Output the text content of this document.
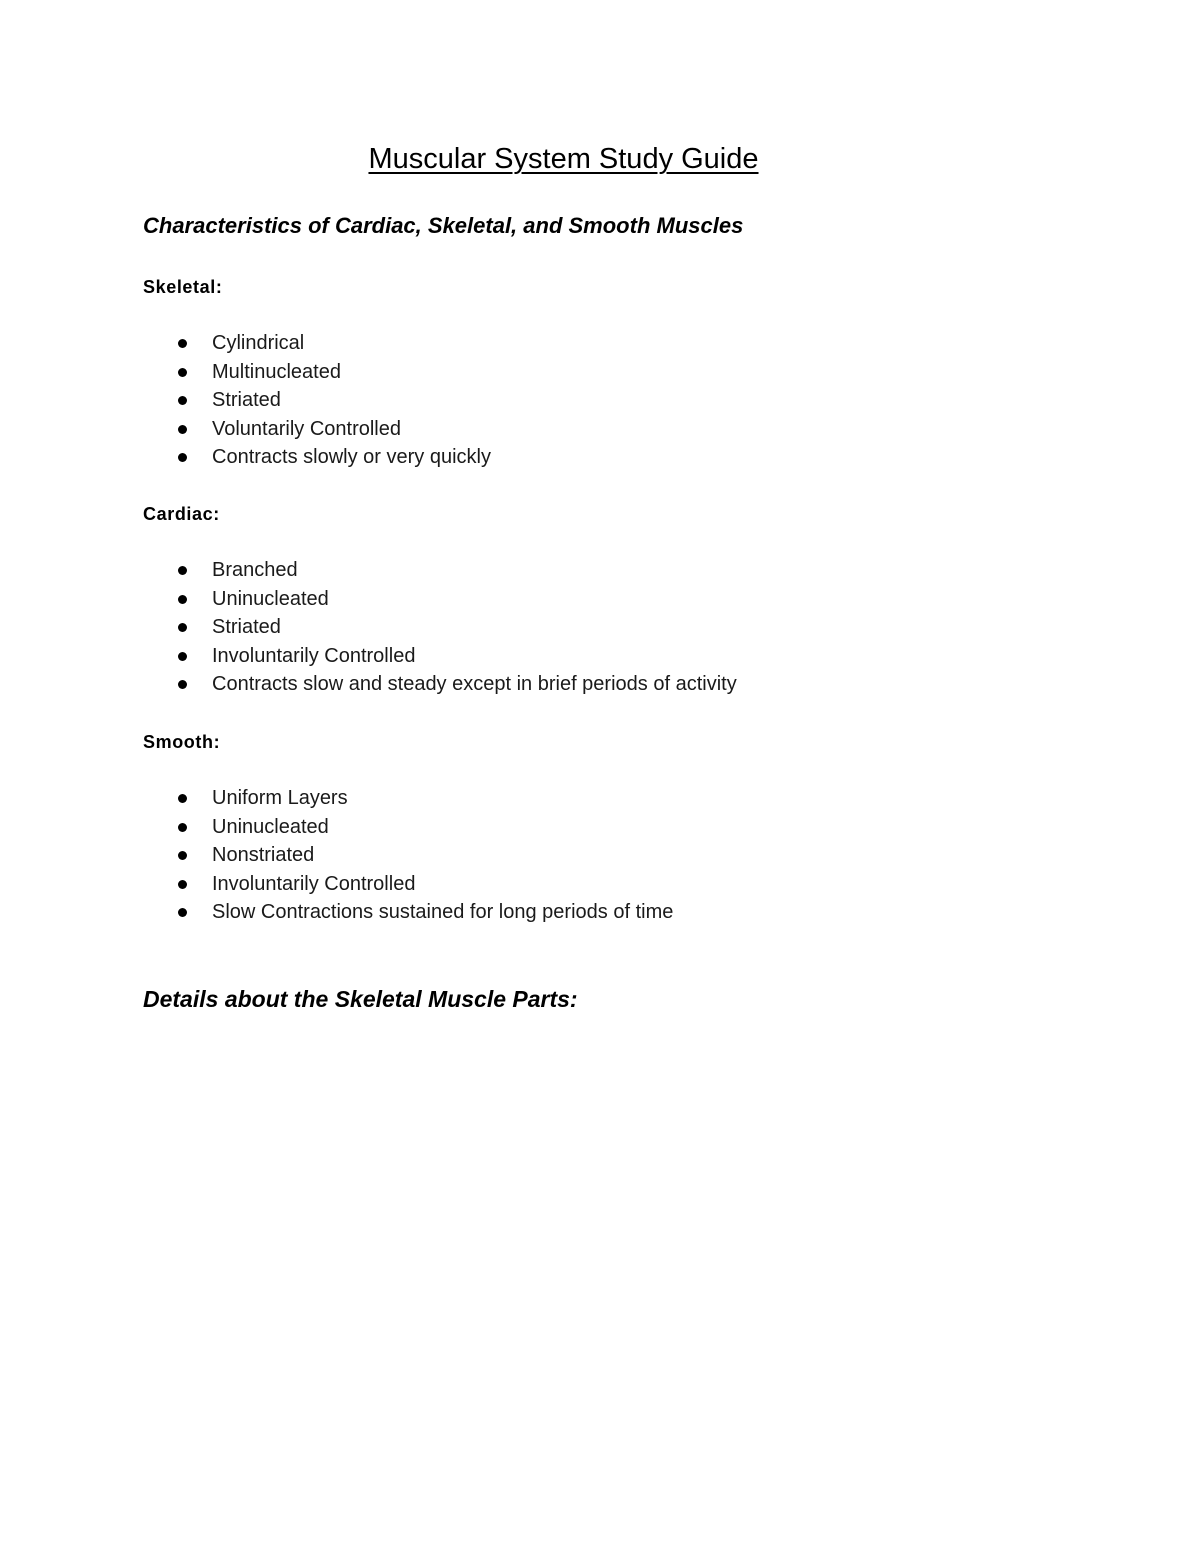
Muscular System Study Guide
Characteristics of Cardiac, Skeletal, and Smooth Muscles

Skeletal:

Cylindrical
Multinucleated
Striated
Voluntarily Controlled
Contracts slowly or very quickly

Cardiac:

Branched
Uninucleated
Striated
Involuntarily Controlled
Contracts slow and steady except in brief periods of activity

Smooth:

Uniform Layers
Uninucleated
Nonstriated
Involuntarily Controlled
Slow Contractions sustained for long periods of time
Details about the Skeletal Muscle Parts:
